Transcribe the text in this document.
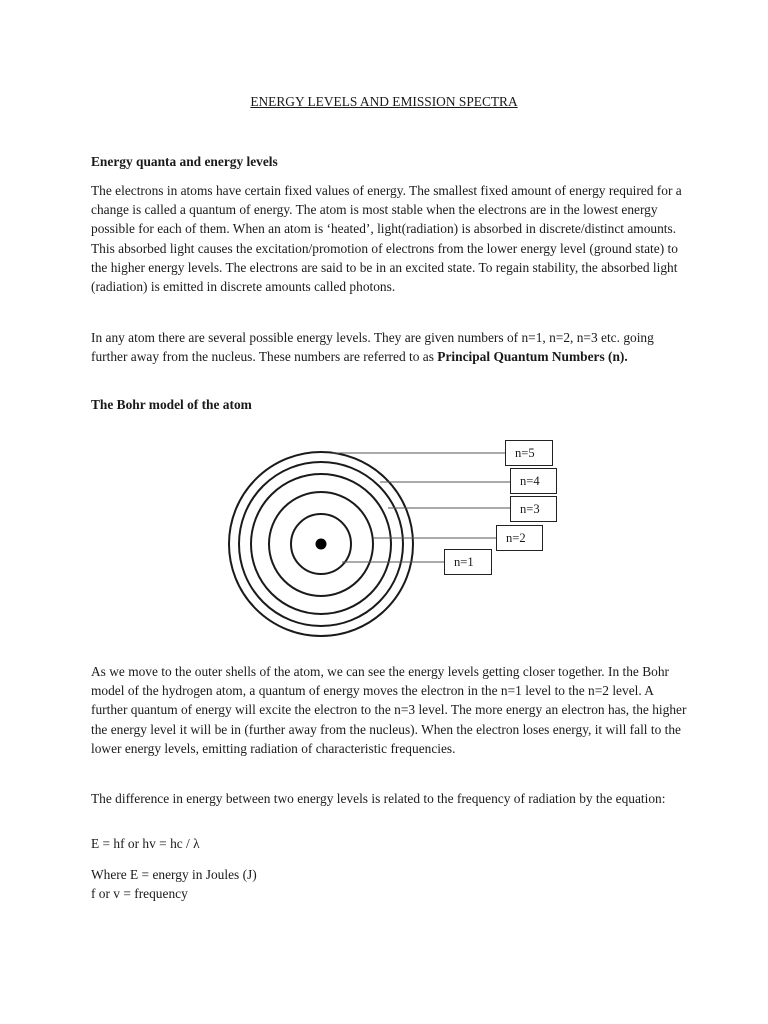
ENERGY LEVELS AND EMISSION SPECTRA
Energy quanta and energy levels
The electrons in atoms have certain fixed values of energy. The smallest fixed amount of energy required for a change is called a quantum of energy. The atom is most stable when the electrons are in the lowest energy possible for each of them. When an atom is ‘heated’, light(radiation) is absorbed in discrete/distinct amounts. This absorbed light causes the excitation/promotion of electrons from the lower energy level (ground state) to the higher energy levels. The electrons are said to be in an excited state. To regain stability, the absorbed light (radiation) is emitted in discrete amounts called photons.
In any atom there are several possible energy levels. They are given numbers of n=1, n=2, n=3 etc. going further away from the nucleus. These numbers are referred to as Principal Quantum Numbers (n).
The Bohr model of the atom
n=5
n=4
n=3
n=2
n=1
As we move to the outer shells of the atom, we can see the energy levels getting closer together. In the Bohr model of the hydrogen atom, a quantum of energy moves the electron in the n=1 level to the n=2 level. A further quantum of energy will excite the electron to the n=3 level. The more energy an electron has, the higher the energy level it will be in (further away from the nucleus). When the electron loses energy, it will fall to the lower energy levels, emitting radiation of characteristic frequencies.
The difference in energy between two energy levels is related to the frequency of radiation by the equation:
E = hf or hv = hc / λ
Where E = energy in Joules (J)
f or v = frequency
